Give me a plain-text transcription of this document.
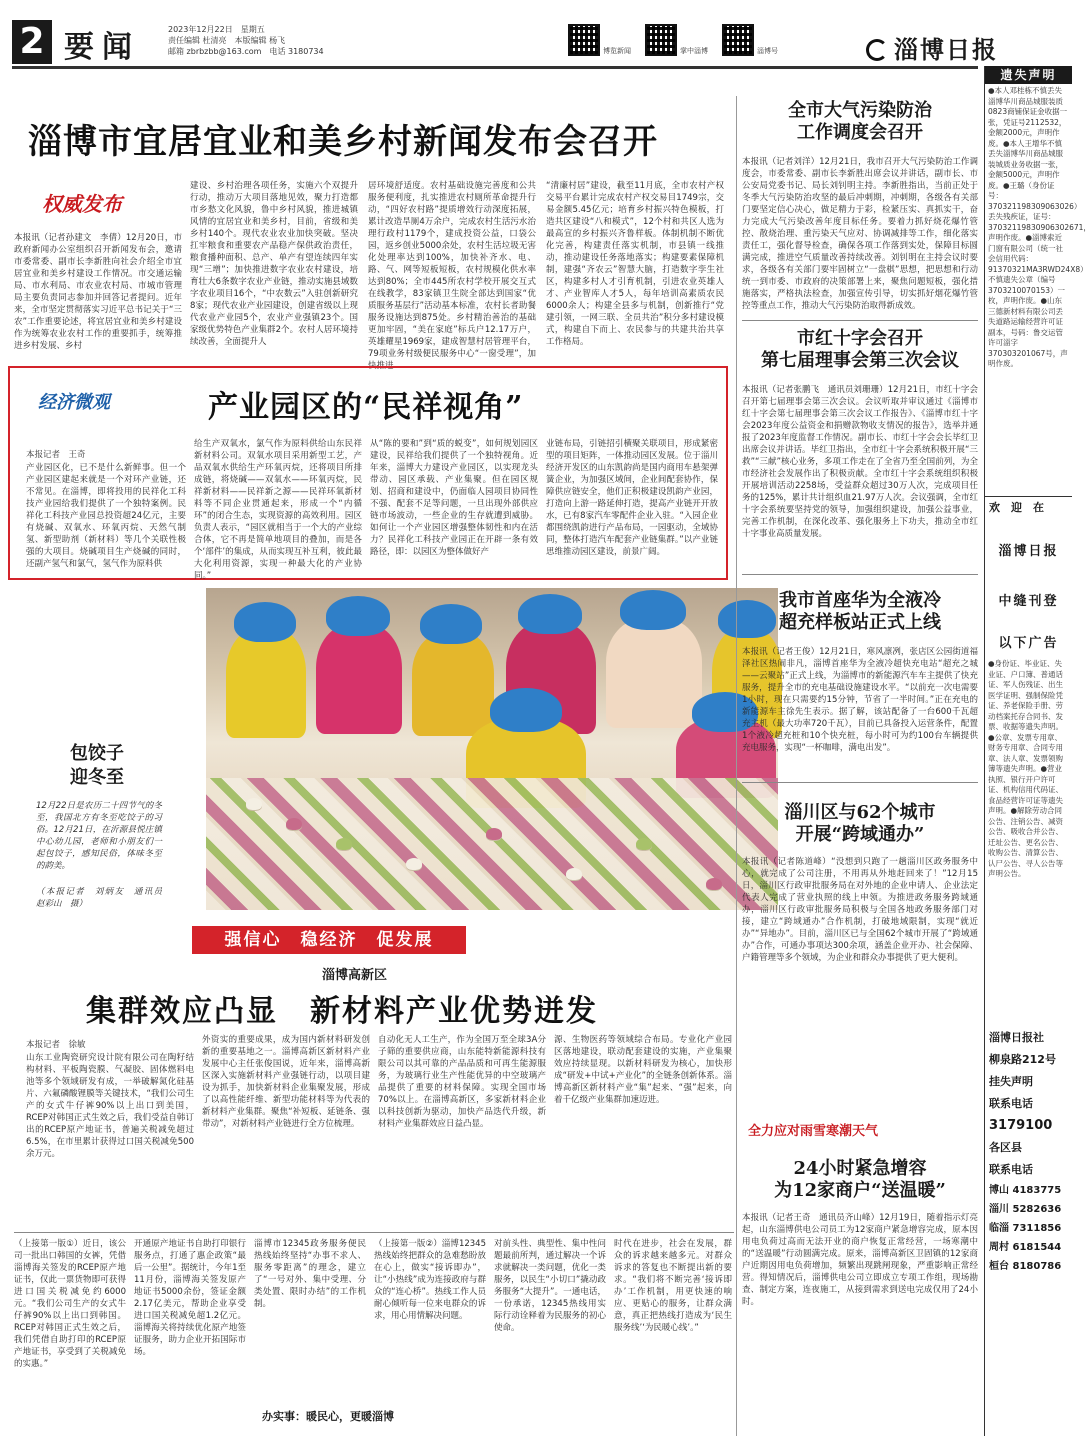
2 要闻
2023年12月22日　星期五
责任编辑 杜清亮　本版编辑 杨飞
邮箱 zbrbzbb@163.com　电话 3180734	博览新闻	掌中淄博	淄博号	淄博日报
淄博市宜居宜业和美乡村新闻发布会召开
权威发布
本报讯（记者孙建文　李倩）12月20日，市政府新闻办公室组织召开新闻发布会，邀请市委常委、副市长李新胜向社会介绍全市宜居宜业和美乡村建设工作情况。市交通运输局、市水利局、市农业农村局、市城市管理局主要负责同志参加并回答记者提问。近年来，全市坚定贯彻落实习近平总书记关于“三农”工作重要论述，将宜居宜业和美乡村建设作为统筹农业农村工作的重要抓手，统筹推进乡村发展、乡村
建设、乡村治理各项任务，实施六个双提升行动，推动万大项目落地见效，聚力打造都市乡愁文化风貌，鲁中乡村风貌，推进城镇风情的宜居宜业和美乡村，目前，省级和美乡村140个。现代农业农业加快突破。坚决扛牢粮食和重要农产品稳产保供政治责任，粮食播种面积、总产、单产有望连续四年实现“三增”；加快推进数字农业农村建设，培育壮大6条数字农业产业链，推动实施县域数字农业项目16个，“中农数云”入驻创新研究8家；现代农业产业园建设，创建省级以上现代农业产业园5个，农业产业强镇23个。国家级优势特色产业集群2个。农村人居环境持续改善，全面提升人
居环境舒适度。农村基础设施完善度和公共服务便利度，扎实推进农村厕所革命提升行动，“四好农村路”提质增效行动深度拓展，累计改造旱厕4万余户，完成农村生活污水治理行政村1179个，建成投资公益，口袋公园，返乡创业5000余处，农村生活垃圾无害化处理率达到100%，加快补齐水、电、路、气、网等短板短板，农村规模化供水率达到80%；全市445所农村学校开展交互式在线教学，83家镇卫生院全部达到国家“优质服务基层行”活动基本标准，农村长者助餐服务设施达到875处。乡村精治善治的基础更加牢固，“美在家庭”标兵户12.17万户，英雄耀星1969家，建成智慧村居管理平台，79项业务村级便民服务中心“一窗受理”，加快推进
“清廉村居”建设，截至11月底，全市农村产权交易平台累计完成农村产权交易目1749宗，交易金额5.45亿元；培育乡村振兴特色模板，打造共区建设“八和模式”，12个村和共区人选为最高宣的乡村振兴齐鲁样板。体制机制不断优化完善，构建责任落实机制，市县镇一线推动，推动建设任务落地落实；构建要素保障机制，建强“齐农云”智慧大脑，打造数字孪生社区，构建多村人才引育机制，引进农业英雄人才、产业智库人才5人，每年培训高素质农民6000余人；构建全县多与机制，创新推行“党建引领，一网三联、全员共治”积分多村建设模式，构建自下而上、农民参与的共建共治共享工作格局。
全市大气污染防治
工作调度会召开
本报讯（记者刘洋）12月21日，我市召开大气污染防治工作调度会，市委常委、副市长李新胜出席会议并讲话，副市长、市公安局党委书记、局长刘钊明主持。李新胜指出，当前正处于冬季大气污染防治攻坚的最后冲刺期，冲刺期，各级各有关部门要坚定信心决心，做足精力于彩，检紧压实、真抓实干，奋力完成大气污染改善年度目标任务。要着力抓好烧花爆竹管控、散烧治理、重污染天气应对、协调减排等工作，细化落实责任工，强化督导检查，确保各项工作落到实处，保障目标圆满完成，推进空气质量改善持续改善。刘钊明在主持会议时要求，各级各有关部门要牢固树立“一盘棋”思想，把思想和行动统一到市委、市政府的决策部署上来，聚焦问题短板，强化措施落实，严格执法检查，加强宣传引导，切实抓好烟花爆竹管控等重点工作，推动大气污染防治取得新成效。
市红十字会召开
第七届理事会第三次会议
本报讯（记者张鹏飞　通讯员刘珊珊）12月21日，市红十字会召开第七届理事会第三次会议。会议听取并审议通过《淄博市红十字会第七届理事会第三次会议工作报告》、《淄博市红十字会2023年度公益资金和捐赠款物收支情况的报告》，选举并通报了2023年度监督工作情况。副市长、市红十字会会长毕红卫出席会议并讲话。毕红卫指出，全市红十字会系统积极开展“三救”“三献”核心业务，多项工作走在了全省乃至全国前列，为全市经济社会发展作出了积极贡献。全市红十字会系统组织积极开展培训活动2258场，受益群众超过30万人次，完成项目任务的125%，累计共计组织血21.97万人次。会议强调，全市红十字会系统要坚持党的领导，加强组织建设，加强公益事业，完善工作机制，在深化改革、强化服务上下功夫，推动全市红十字事业高质量发展。
经济微观	产业园区的“民祥视角”
本报记者　王奇
产业园区化，已不是什么新鲜事。但一个产业园区建起来就是一个对环产业链，还不常见。在淄博，即将投用的民祥化工科技产业园给我们提供了一个独特案例。民祥化工科技产业园总投资超24亿元，主要有烧碱、双氧水、环氧丙烷、天然气制氢、新型助剂（新材料）等几个关联性极强的大项目。烧碱项目生产烧碱的同时，还副产氢气和氯气，氢气作为原料供
给生产双氧水，氯气作为原料供给山东民祥新材料公司。双氧水项目采用新型工艺，产品双氧水供给生产环氧丙烷，还将项目所排成链，将烧碱——双氧水——环氧丙烷，民祥新材料——民祥新之源——民祥环氧新材料等不同企业贯通起来，形成一个“内循环”的闭合生态，实现资源的高效利用。园区负责人表示，“园区就相当于一个大的产业综合体，它不再是简单地项目的叠加，而是各个‘部件’的集成，从而实现互补互利，彼此最大化利用资源，实现一种最大化的产业协同。”
从“陈的要和”到“质的蜕变”，如何规划园区建设，民祥给我们提供了一个独特视角。近年来，淄博大力建设产业园区，以实现龙头带动、园区承载、产业集聚。但在园区规划、招商和建设中，仍面临人园项目协同性不强、配套不足等问题，一旦出现外部供应链市场波动，一些企业的生存就遭到威胁。如何让一个产业园区增强整体韧性和内在活力？民祥化工科技产业园正在开辟一条有效路径，即：以园区为整体做好产
业链布局，引链招引横聚关联项目，形成紧密型的项目矩阵，一体推动园区发展。位于淄川经济开发区的山东凯韵尚是国内商用车悬架弹簧企业，为加强区域间，企业间配套协作，保障供应链安全，他们正积极建设凯韵产业园，打造向上游一路延伸打造，提高产业链开开放水，已有8家汽车零配件企业入驻。“入园企业都围绕凯韵进行产品布局，一园驱动，全域协同，整体打造汽车配套产业链集群。”以产业链思维推动园区建设，前景广阔。
包饺子
迎冬至
12月22日是农历二十四节气的冬至，我国北方有冬至吃饺子的习俗。12月21日，在沂源县悦庄镇中心幼儿园，老师和小朋友们一起包饺子，感知民俗，体味冬至的韵美。
（本报记者　刘炳友　通讯员　赵彩山　摄）
我市首座华为全液冷
超充样板站正式上线
本报讯（记者王俊）12月21日，寒风凛冽，张店区公园街道福泽社区热闹非凡，淄博首座华为全液冷超快充电站“超充之城——云聚站”正式上线，为淄博市的新能源汽车车主提供了快充服务，提升全市的充电基础设施建设水平。“以前充一次电需要1小时，现在只需要约15分钟，节省了一半时间。”正在充电的新能源车主徐先生表示。据了解，该站配备了一台600千瓦超充主机（最大功率720千瓦），目前已具备投入运营条件，配置1个液冷超充桩和10个快充桩，每小时可为约100台车辆提供充电服务，实现“一杯咖啡，满电出发”。
淄川区与62个城市
开展“跨域通办”
本报讯（记者陈道峰）“没想到只跑了一趟淄川区政务服务中心，就完成了公司注册，不用再从外地赶回来了！”12月15日，淄川区行政审批服务局在对外地的企业申请人、企业法定代表人完成了营业执照的线上申领。为推进政务服务跨域通办，淄川区行政审批服务局积极与全国各地政务服务部门对接，建立“跨域通办”合作机制，打破地域限制，实现“就近办”“异地办”。目前，淄川区已与全国62个城市开展了“跨域通办”合作，可通办事项达300余项，涵盖企业开办、社会保障、户籍管理等多个领域，为企业和群众办事提供了更大便利。
全力应对雨雪寒潮天气
24小时紧急增容
为12家商户“送温暖”
本报讯（记者王奇　通讯员齐山峰）12月19日，随着指示灯亮起，山东淄博供电公司员工为12家商户紧急增容完成，原本因用电负荷过高而无法开业的商户恢复正常经营，一场寒潮中的“送温暖”行动圆满完成。原来，淄博高新区卫固镇的12家商户近期因用电负荷增加，频繁出现跳闸现象，严重影响正常经营。得知情况后，淄博供电公司立即成立专项工作组，现场勘查、制定方案，连夜施工，从接到需求到送电完成仅用了24小时。
强信心　稳经济　促发展
淄博高新区
集群效应凸显　新材料产业优势迸发
本报记者　徐敏
山东工业陶瓷研究设计院有限公司在陶籽结构材料、平板陶瓷膜、气凝胶、固体燃料电池等多个领域研发有成，一举破解氮化硅基片、六氟磷酸锂膜等关键技术，“我们公司生产的女式牛仔裤90%以上出口到美国，RCEP对韩国正式生效之后，我们受益自韩订出的RCEP原产地证书，普遍关税减免超过6.5%，在市里累计获得过口国关税减免500余万元。
外资实的重要成果，成为国内新材料研发创新的重要基地之一。淄博高新区新材料产业发展中心主任张俊国说，近年来，淄博高新区深入实施新材料产业强链行动，以项目建设为抓手，加快新材料企业集聚发展，形成了以高性能纤维、新型功能材料等为代表的新材料产业集群。聚焦“补短板、延链条、强带动”，对新材料产业链进行全方位梳理。
自动化无人工生产，作为全国万至全球3A分子筛的重要供应商，山东能特新能源科技有限公司以其可靠的产品品质和可再生能源服务，为玻璃行业生产性能优异的中空玻璃产品提供了重要的材料保障。实现全国市场70%以上。在淄博高新区，多家新材料企业以科技创新为驱动，加快产品迭代升级，新材料产业集群效应日益凸显。
源、生物医药等领域综合布局。专业化产业园区落地建设，联动配套建设的实施，产业集聚效应持续显现。以新材料研发为核心，加快形成“研发+中试+产业化”的全链条创新体系。淄博高新区新材料产业“集”起来、“强”起来，向着千亿级产业集群加速迈进。
（上接第一版①）近日，该公司一批出口韩国的女裤，凭借淄博海关签发的RCEP原产地证书，仅此一票货物即可获得进口国关税减免约6000元。“我们公司生产的女式牛仔裤90%以上出口到韩国。RCEP对韩国正式生效之后，我们凭借自助打印的RCEP原产地证书，享受到了关税减免的实惠。”
开通原产地证书自助打印银行服务点，打通了惠企政策“最后一公里”。据统计，今年1至11月份，淄博海关签发原产地证书5000余份，签证金额2.17亿美元，帮助企业享受进口国关税减免超1.2亿元。淄博海关将持续优化原产地签证服务，助力企业开拓国际市场。
淄博市12345政务服务便民热线始终坚持“办事不求人、服务零距离”的理念，建立了“一号对外、集中受理、分类处置、限时办结”的工作机制。
办实事：暖民心，更暖淄博
（上接第一版②）淄博12345热线始终把群众的急难愁盼放在心上，做实“接诉即办”，让“小热线”成为连接政府与群众的“连心桥”。热线工作人员耐心倾听每一位来电群众的诉求，用心用情解决问题。
对前头性、典型性、集中性问题最前所判，通过解决一个诉求就解决一类问题，优化一类服务，以民生“小切口”撬动政务服务“大提升”。一通电话，一份承诺，12345热线用实际行动诠释着为民服务的初心使命。
时代在进步，社会在发展，群众的诉求越来越多元。对群众诉求的答复也不断提出新的要求。“我们将不断完善‘接诉即办’工作机制，用更快速的响应、更贴心的服务，让群众满意，真正把热线打造成为‘民生服务线’‘为民暖心线’。”
遗失声明
●本人邓桂栋不慎丢失淄博华川商品城服装质0823商铺保证金收据一张，凭证号2112532，金额2000元，声明作废。●本人王增华不慎丢失淄博华川商品城服装城质业务收据一张，金额5000元，声明作废。●王璐（身份证号：370321198309063026）丢失残疾证，证号：37032119830906302671，声明作废。●淄博索近门窗有限公司（统一社会信用代码：91370321MA3RWD24X8）不慎遗失公章（编号3703210070153）一枚，声明作废。●山东三德新材料有限公司丢失道路运输经营许可证副本，号码：鲁交运管许可淄字370303201067号，声明作废。
欢　迎　在
淄博日报
中缝刊登
以下广告
●身份证、毕业证、失业证、户口簿、普通话证、军人伤残证、出生医学证明、强制保险凭证、养老保险手册、劳动档案托存合同书、发票、收据等遗失声明。●公章、发票专用章、财务专用章、合同专用章、法人章、发票领购簿等遗失声明。●营业执照、银行开户许可证、机构信用代码证、食品经营许可证等遗失声明。●解除劳动合同公告、注销公告、减资公告、吸收合并公告、迁址公告、更名公告、收购公告、清算公告、认尸公告、寻人公告等声明公告。
淄博日报社
柳泉路212号
挂失声明
联系电话
3179100
各区县
联系电话
博山 4183775
淄川 5282636
临淄 7311856
周村 6181544
桓台 8180786
